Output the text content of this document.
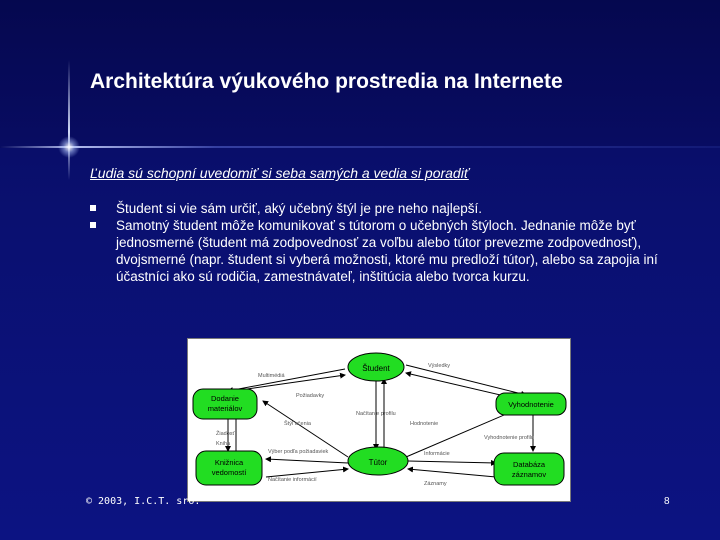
Architektúra výukového prostredia na Internete
Ľudia sú schopní uvedomiť si seba samých a vedia si poradiť
Študent si vie sám určiť, aký učebný štýl je pre neho najlepší.
Samotný študent môže komunikovať s tútorom o učebných štýloch. Jednanie môže byť jednosmerné (študent má zodpovednosť za voľbu alebo tútor prevezme zodpovednosť), dvojsmerné (napr. študent si vyberá možnosti, ktoré mu predloží tútor), alebo sa zapojia iní účastníci ako sú rodičia, zamestnávateľ, inštitúcia alebo tvorca kurzu.
Študent
Tútor
Dodanie
materiálov	Vyhodnotenie
Knižnica
vedomostí
Databáza
záznamov
Multimédiá
Výsledky
Požiadavky
Načítanie profilu
Štýl učenia	Hodnotenie
Vyhodnotenie profilu
Žiadosť
Kniha
Výber podľa požiadaviek
Načítanie informácií
Informácie
Záznamy
© 2003, I.C.T. sro.	8
